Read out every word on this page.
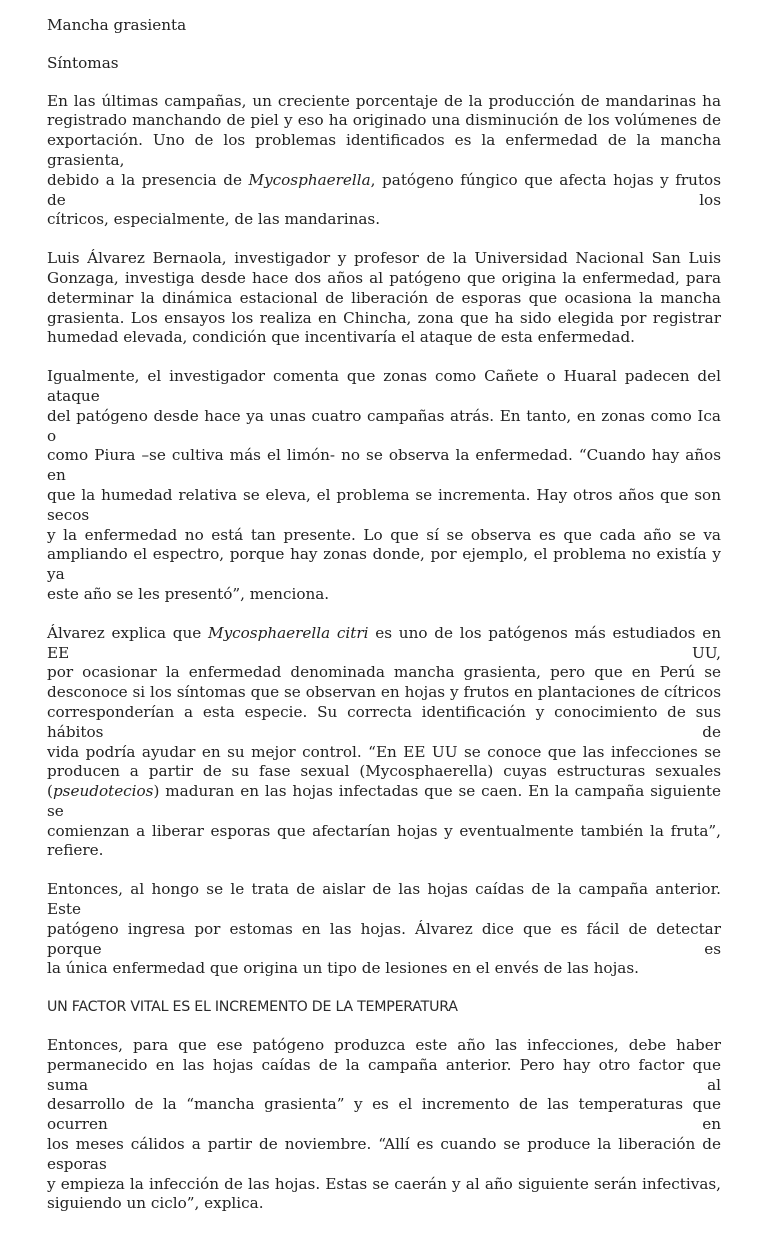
Mancha grasienta
Síntomas
En las últimas campañas, un creciente porcentaje de la producción de mandarinas ha
registrado manchando de piel y eso ha originado una disminución de los volúmenes de
exportación. Uno de los problemas identificados es la enfermedad de la mancha grasienta,
debido a la presencia de Mycosphaerella, patógeno fúngico que afecta hojas y frutos de los
cítricos, especialmente, de las mandarinas.
Luis Álvarez Bernaola, investigador y profesor de la Universidad Nacional San Luis
Gonzaga, investiga desde hace dos años al patógeno que origina la enfermedad, para
determinar la dinámica estacional de liberación de esporas que ocasiona la mancha
grasienta. Los ensayos los realiza en Chincha, zona que ha sido elegida por registrar
humedad elevada, condición que incentivaría el ataque de esta enfermedad.
Igualmente, el investigador comenta que zonas como Cañete o Huaral padecen del ataque
del patógeno desde hace ya unas cuatro campañas atrás. En tanto, en zonas como Ica o
como Piura –se cultiva más el limón- no se observa la enfermedad. “Cuando hay años en
que la humedad relativa se eleva, el problema se incrementa. Hay otros años que son secos
y la enfermedad no está tan presente. Lo que sí se observa es que cada año se va
ampliando el espectro, porque hay zonas donde, por ejemplo, el problema no existía y ya
este año se les presentó”, menciona.
Álvarez explica que Mycosphaerella citri es uno de los patógenos más estudiados en EE UU,
por ocasionar la enfermedad denominada mancha grasienta, pero que en Perú se
desconoce si los síntomas que se observan en hojas y frutos en plantaciones de cítricos
corresponderían a esta especie. Su correcta identificación y conocimiento de sus hábitos de
vida podría ayudar en su mejor control. “En EE UU se conoce que las infecciones se
producen a partir de su fase sexual (Mycosphaerella) cuyas estructuras sexuales
(pseudotecios) maduran en las hojas infectadas que se caen. En la campaña siguiente se
comienzan a liberar esporas que afectarían hojas y eventualmente también la fruta”,
refiere.
Entonces, al hongo se le trata de aislar de las hojas caídas de la campaña anterior. Este
patógeno ingresa por estomas en las hojas. Álvarez dice que es fácil de detectar porque es
la única enfermedad que origina un tipo de lesiones en el envés de las hojas.
UN FACTOR VITAL ES EL INCREMENTO DE LA TEMPERATURA
Entonces, para que ese patógeno produzca este año las infecciones, debe haber
permanecido en las hojas caídas de la campaña anterior. Pero hay otro factor que suma al
desarrollo de la “mancha grasienta” y es el incremento de las temperaturas que ocurren en
los meses cálidos a partir de noviembre. “Allí es cuando se produce la liberación de esporas
y empieza la infección de las hojas. Estas se caerán y al año siguiente serán infectivas,
siguiendo un ciclo”, explica.
